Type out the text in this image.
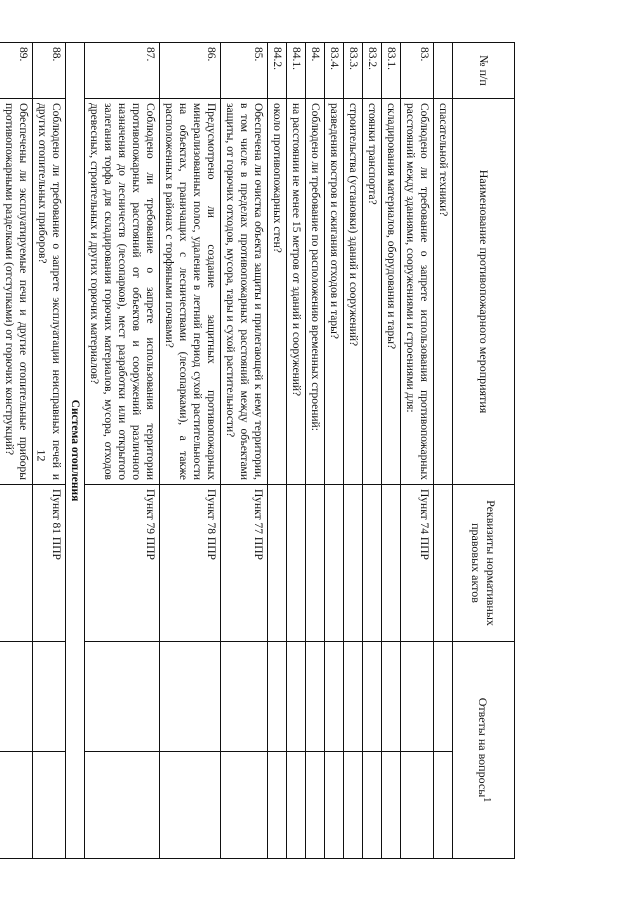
12
№ п/п	Наименование противопожарного мероприятия	Реквизиты нормативных правовых актов	Ответы на вопросы$^1$
	спасательной техники?			
83.	Соблюдено ли требование о запрете использования противопожарных расстояний между зданиями, сооружениями и строениями для:	Пункт 74 ППР		
83.1.	складирования материалов, оборудования и тары?			
83.2.	стоянки транспорта?			
83.3.	строительства (установки) зданий и сооружений?			
83.4.	разведения костров и сжигания отходов и тары?			
84.	Соблюдено ли требование по расположению временных строений:			
84.1.	на расстоянии не менее 15 метров от зданий и сооружений?			
84.2.	около противопожарных стен?			
85.	Обеспечена ли очистка объекта защиты и прилегающей к нему территории, в том числе в пределах противопожарных расстояний между объектами защиты, от горючих отходов, мусора, тары и сухой растительности?	Пункт 77 ППР		
86.	Предусмотрено ли создание защитных противопожарных минерализованных полос, удаление в летний период сухой растительности на объектах, граничащих с лесничествами (лесопарками), а также расположенных в районах с торфяными почвами?	Пункт 78 ППР		
87.	Соблюдено ли требование о запрете использования территории противопожарных расстояний от объектов и сооружений различного назначения до лесничеств (лесопарков), мест разработки или открытого залегания торфа для складирования горючих материалов, мусора, отходов древесных, строительных и других горючих материалов?	Пункт 79 ППР		
Система отопления				
88.	Соблюдено ли требование о запрете эксплуатации неисправных печей и других отопительных приборов?	Пункт 81 ППР		
89.	Обеспечены ли эксплуатируемые печи и другие отопительные приборы противопожарными разделками (отступками) от горючих конструкций?			
